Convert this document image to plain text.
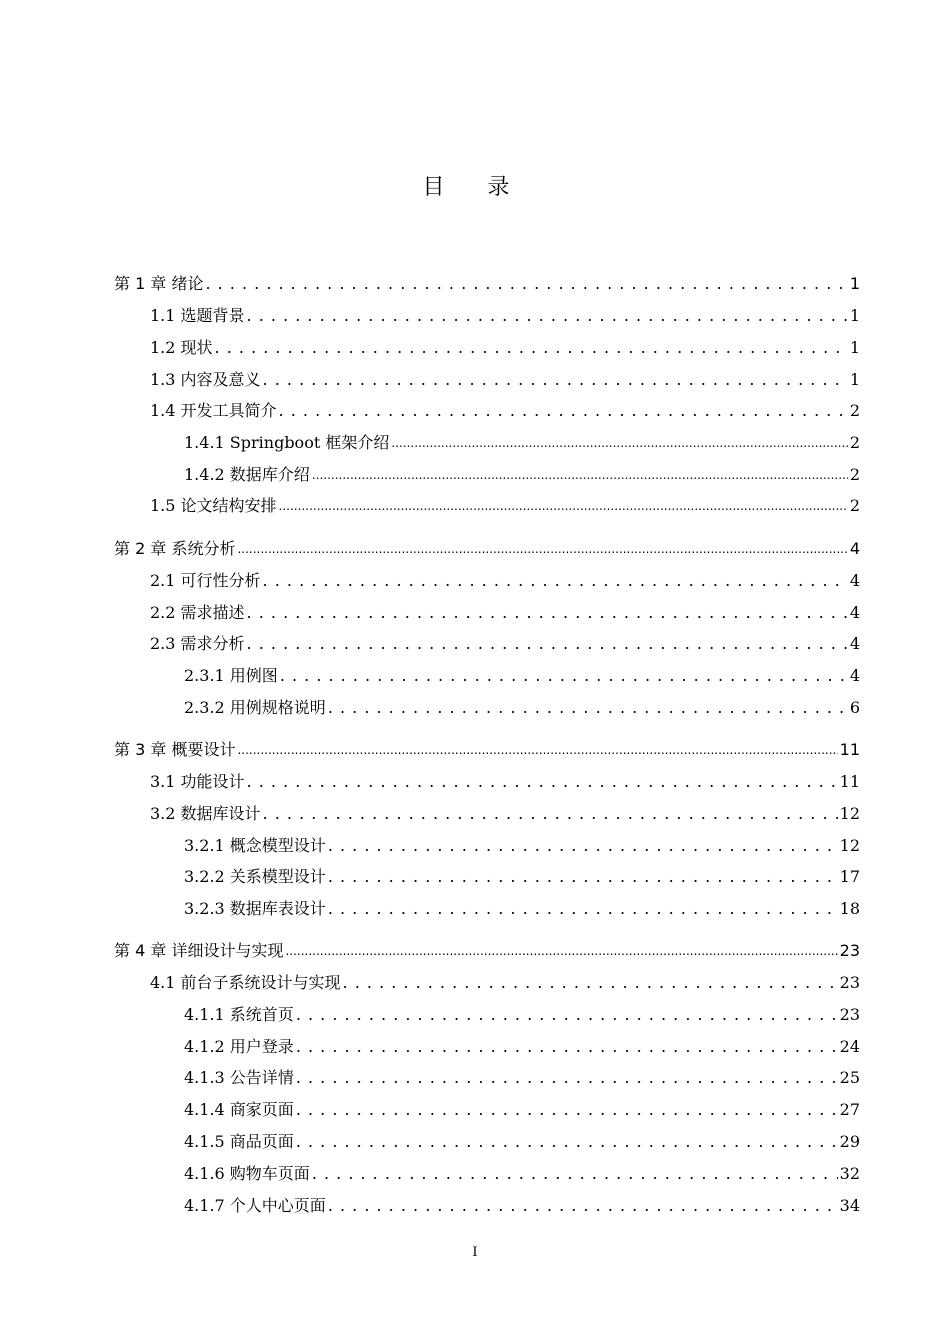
目 录
第 1 章 绪论 . . .	1
1.1 选题背景 . . .	1
1.2 现状 . . .	1
1.3 内容及意义 . . .	1
1.4 开发工具简介 . . .	2
1.4.1 Springboot 框架介绍 .....	2
1.4.2 数据库介绍 .....	2
1.5 论文结构安排 .....	2
第 2 章 系统分析 .....	4
2.1 可行性分析 . . .	4
2.2 需求描述 . . .	4
2.3 需求分析 . . .	4
2.3.1 用例图 . . .	4
2.3.2 用例规格说明 . . .	6
第 3 章 概要设计 .....	11
3.1 功能设计 . . .	11
3.2 数据库设计 . . .	12
3.2.1 概念模型设计 . . .	12
3.2.2 关系模型设计 . . .	17
3.2.3 数据库表设计 . . .	18
第 4 章 详细设计与实现 .....	23
4.1 前台子系统设计与实现 . . .	23
4.1.1 系统首页 . . .	23
4.1.2 用户登录 . . .	24
4.1.3 公告详情 . . .	25
4.1.4 商家页面 . . .	27
4.1.5 商品页面 . . .	29
4.1.6 购物车页面 . . .	32
4.1.7 个人中心页面 . . .	34
I
